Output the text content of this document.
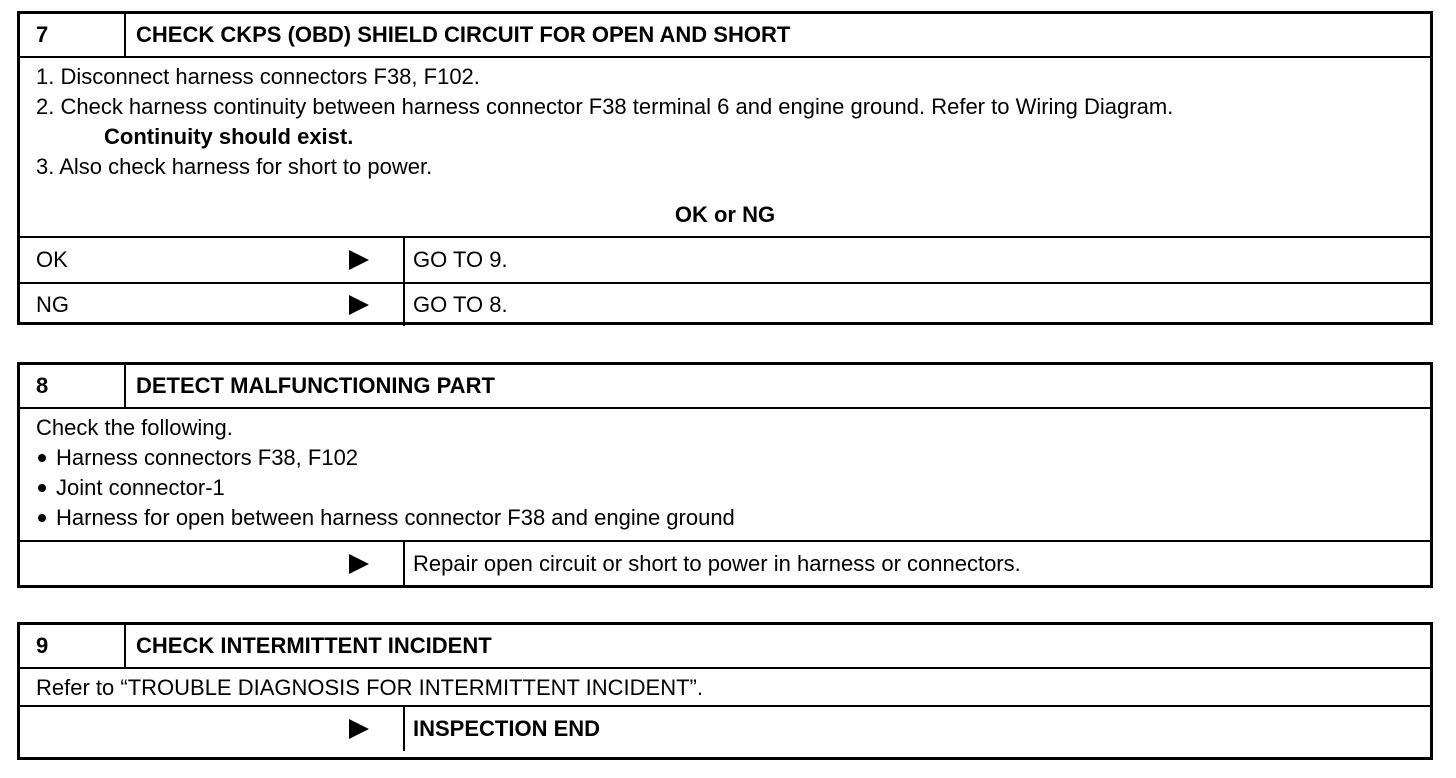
7	CHECK CKPS (OBD) SHIELD CIRCUIT FOR OPEN AND SHORT
1. Disconnect harness connectors F38, F102.
2. Check harness continuity between harness connector F38 terminal 6 and engine ground. Refer to Wiring Diagram.
Continuity should exist.
3. Also check harness for short to power.
OK or NG
OK	GO TO 9.
NG	GO TO 8.
8	DETECT MALFUNCTIONING PART
Check the following.
Harness connectors F38, F102
Joint connector-1
Harness for open between harness connector F38 and engine ground
Repair open circuit or short to power in harness or connectors.
9	CHECK INTERMITTENT INCIDENT
Refer to “TROUBLE DIAGNOSIS FOR INTERMITTENT INCIDENT”.
INSPECTION END
